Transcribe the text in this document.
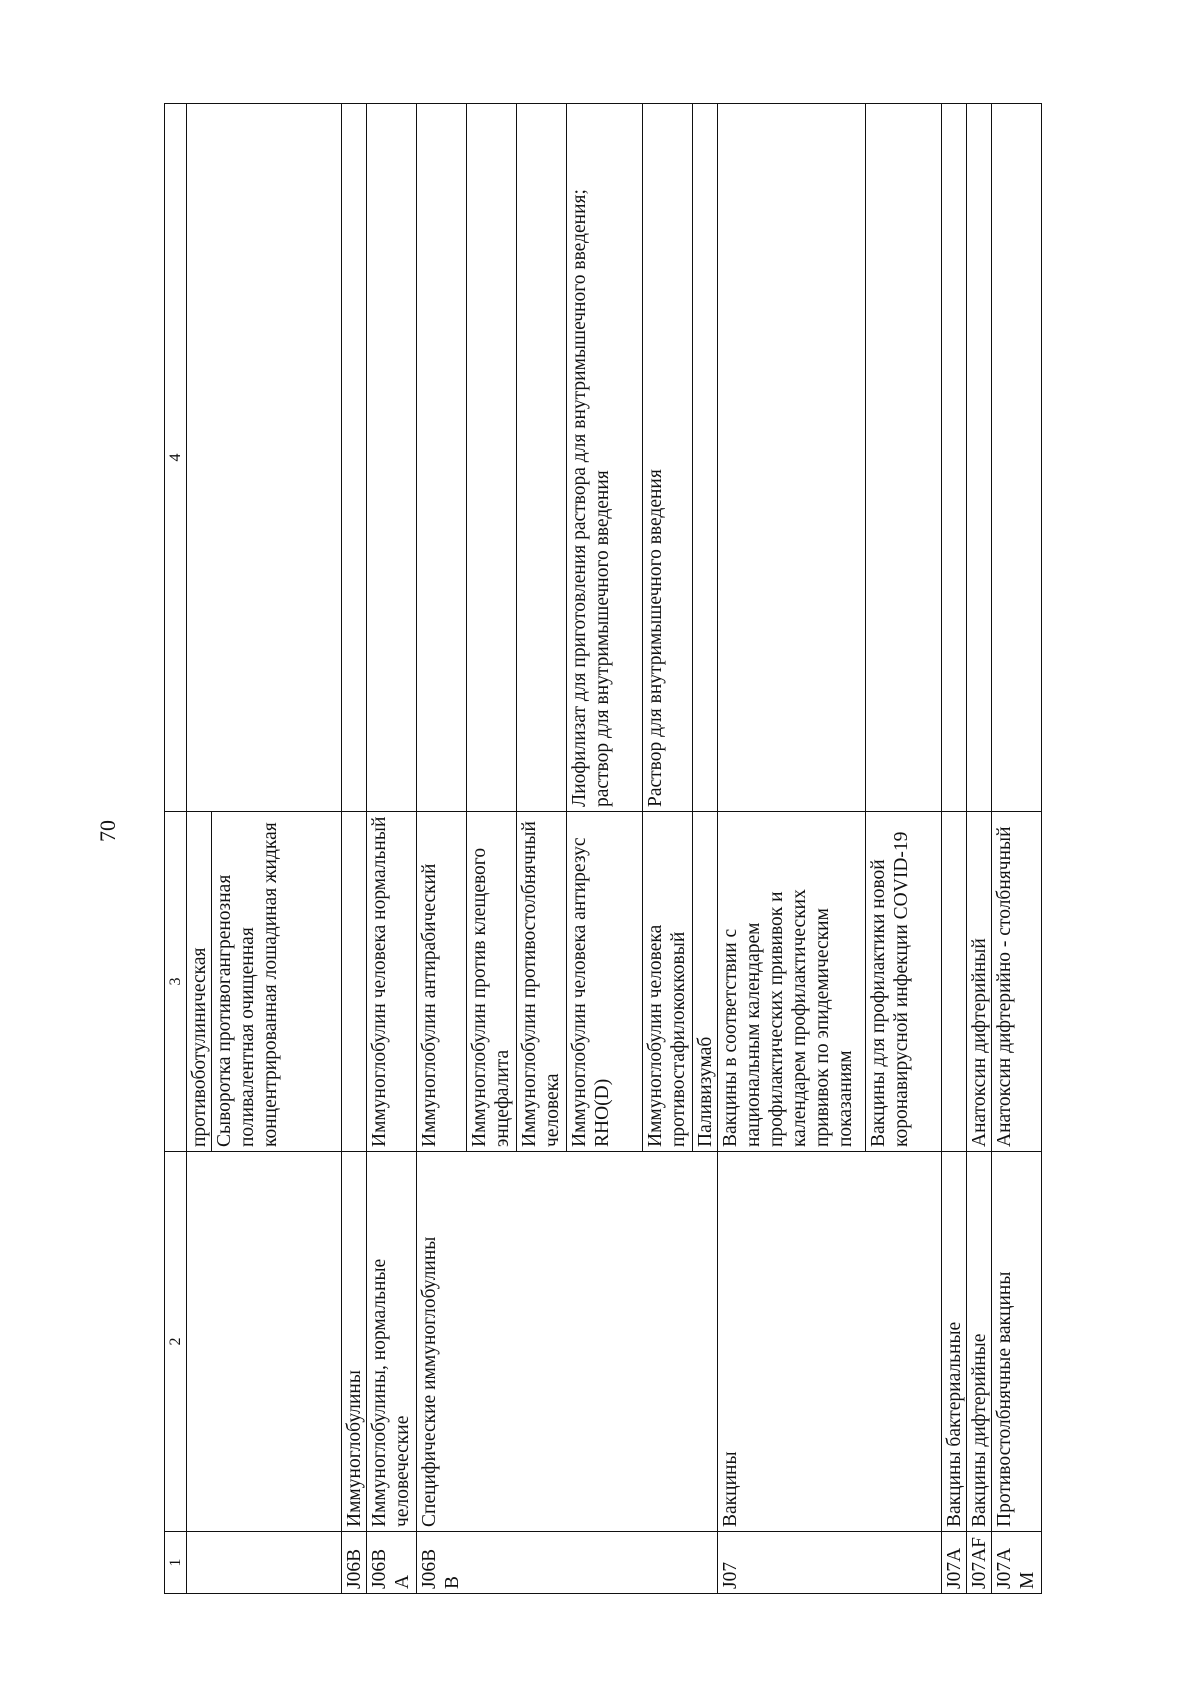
70
1	2	3	4
		противоботулиническая	
		Сыворотка противогангренозная поливалентная очищенная концентрированная лошадиная жидкая	
J06B	Иммуноглобулины		
J06BA	Иммуноглобулины, нормальные человеческие	Иммуноглобулин человека нормальный	
J06BB	Специфические иммуноглобулины	Иммуноглобулин антирабический	
		Иммуноглобулин против клещевого энцефалита	
		Иммуноглобулин противостолбнячный человека	
		Иммуноглобулин человека антирезус RHO(D)	Лиофилизат для приготовления раствора для внутримышечного введения; раствор для внутримышечного введения

		Иммуноглобулин человека противостафилококковый	Раствор для внутримышечного введения

		Паливизумаб	
J07	Вакцины	Вакцины в соответствии с национальным календарем профилактических прививок и календарем профилактических прививок по эпидемическим показаниям	
		Вакцины для профилактики новой коронавирусной инфекции COVID-19	
J07A	Вакцины бактериальные		
J07AF	Вакцины дифтерийные	Анатоксин дифтерийный	
J07AM	Противостолбнячные вакцины	Анатоксин дифтерийно - столбнячный	
